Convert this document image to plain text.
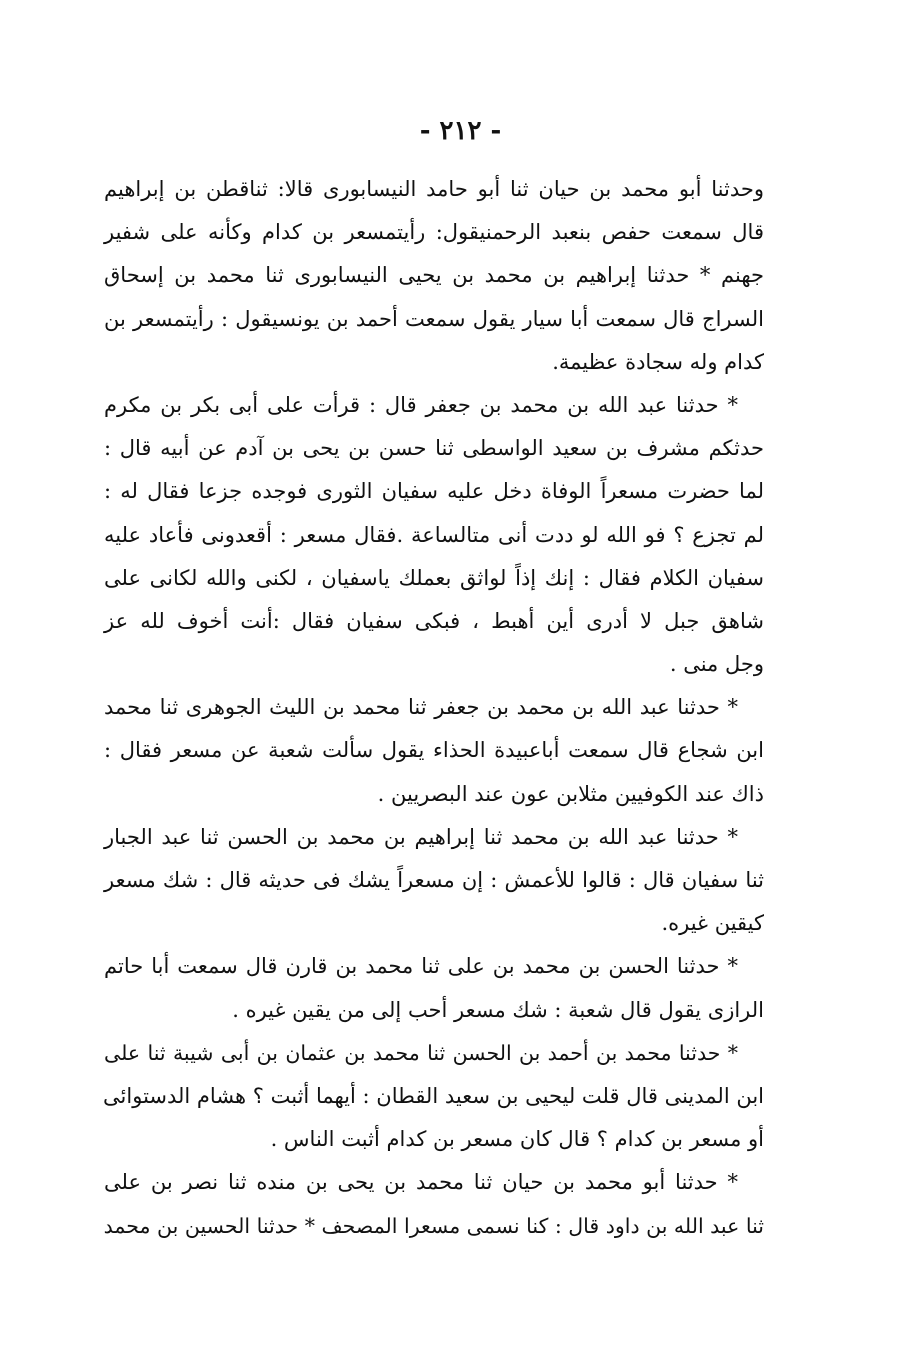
- ٢١٢ -
وحدثنا أبو محمد بن حيان ثنا أبو حامد النيسابورى قالا: ثناقطن بن إبراهيم
قال سمعت حفص بنعبد الرحمنيقول: رأيتمسعر بن كدام وكأنه على شفير
جهنم * حدثنا إبراهيم بن محمد بن يحيى النيسابورى ثنا محمد بن إسحاق
السراج قال سمعت أبا سيار يقول سمعت أحمد بن يونسيقول : رأيتمسعر بن
كدام وله سجادة عظيمة.
* حدثنا عبد الله بن محمد بن جعفر قال : قرأت على أبى بكر بن مكرم
حدثكم مشرف بن سعيد الواسطى ثنا حسن بن يحى بن آدم عن أبيه قال :
لما حضرت مسعراً الوفاة دخل عليه سفيان الثورى فوجده جزعا فقال له :
لم تجزع ؟ فو الله لو ددت أنى متالساعة .فقال مسعر : أقعدونى فأعاد عليه
سفيان الكلام فقال : إنك إذاً لواثق بعملك ياسفيان ، لكنى والله لكانى على
شاهق جبل لا أدرى أين أهبط ، فبكى سفيان فقال :أنت أخوف لله عز
وجل منى .
* حدثنا عبد الله بن محمد بن جعفر ثنا محمد بن الليث الجوهرى ثنا محمد
ابن شجاع قال سمعت أباعبيدة الحذاء يقول سألت شعبة عن مسعر فقال :
ذاك عند الكوفيين مثلابن عون عند البصريين .
* حدثنا عبد الله بن محمد ثنا إبراهيم بن محمد بن الحسن ثنا عبد الجبار
ثنا سفيان قال : قالوا للأعمش : إن مسعراً يشك فى حديثه قال : شك مسعر
كيقين غيره.
* حدثنا الحسن بن محمد بن على ثنا محمد بن قارن قال سمعت أبا حاتم
الرازى يقول قال شعبة : شك مسعر أحب إلى من يقين غيره .
* حدثنا محمد بن أحمد بن الحسن ثنا محمد بن عثمان بن أبى شيبة ثنا على
ابن المدينى قال قلت ليحيى بن سعيد القطان : أيهما أثبت ؟ هشام الدستوائى
أو مسعر بن كدام ؟ قال كان مسعر بن كدام أثبت الناس .
* حدثنا أبو محمد بن حيان ثنا محمد بن يحى بن منده ثنا نصر بن على
ثنا عبد الله بن داود قال : كنا نسمى مسعرا المصحف * حدثنا الحسين بن محمد
